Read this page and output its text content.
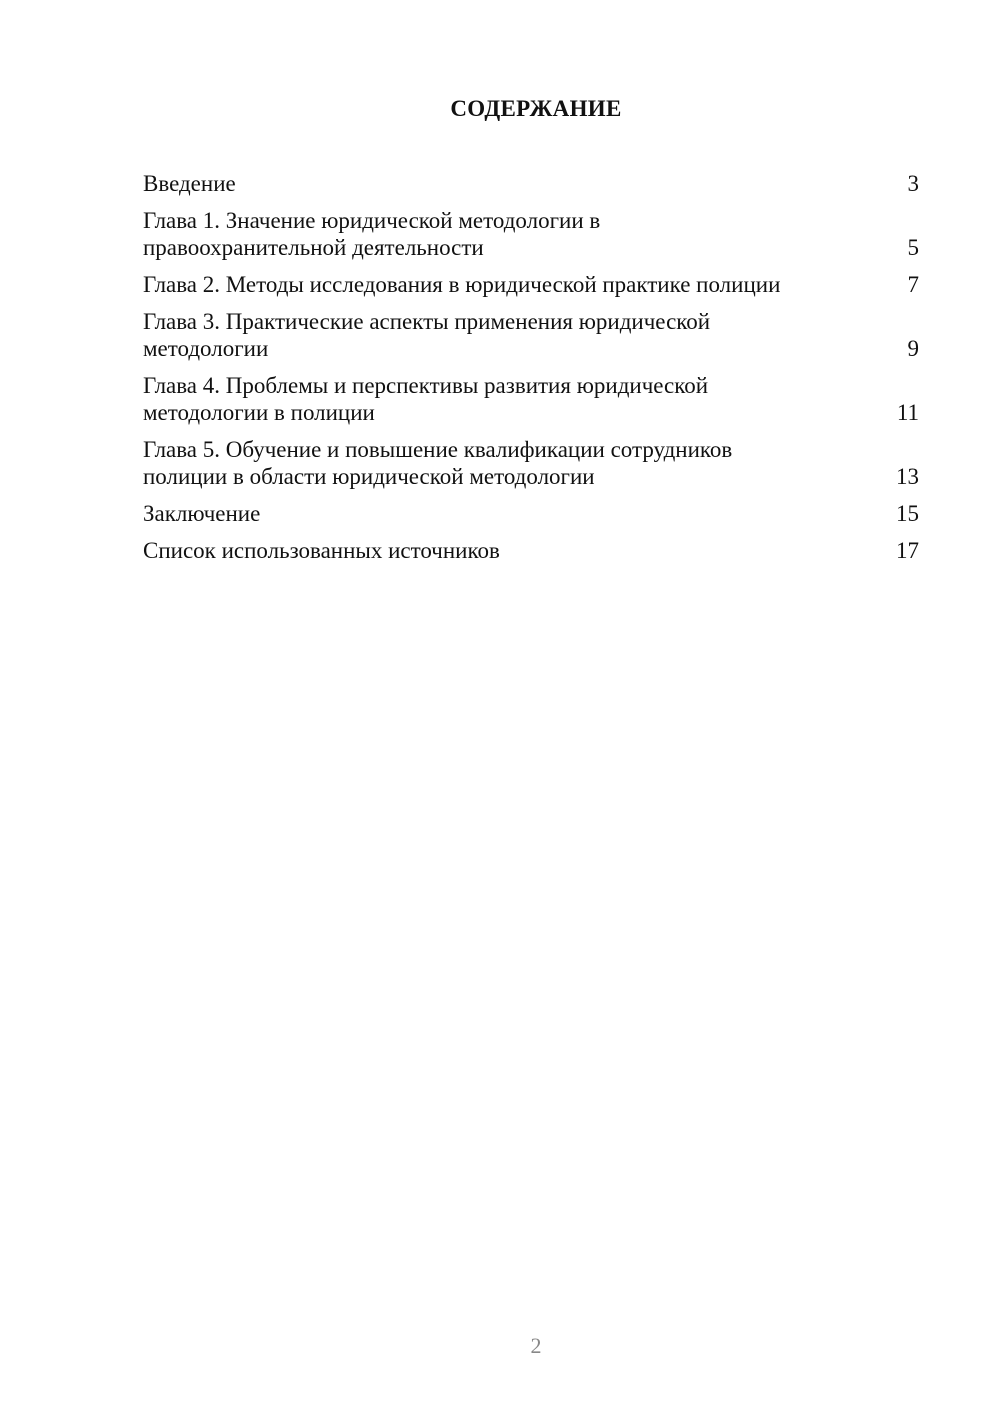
СОДЕРЖАНИЕ
Введение	3
Глава 1. Значение юридической методологии в правоохранительной деятельности	5
Глава 2. Методы исследования в юридической практике полиции	7
Глава 3. Практические аспекты применения юридической методологии	9
Глава 4. Проблемы и перспективы развития юридической методологии в полиции	11
Глава 5. Обучение и повышение квалификации сотрудников полиции в области юридической методологии	13
Заключение	15
Список использованных источников	17
2
